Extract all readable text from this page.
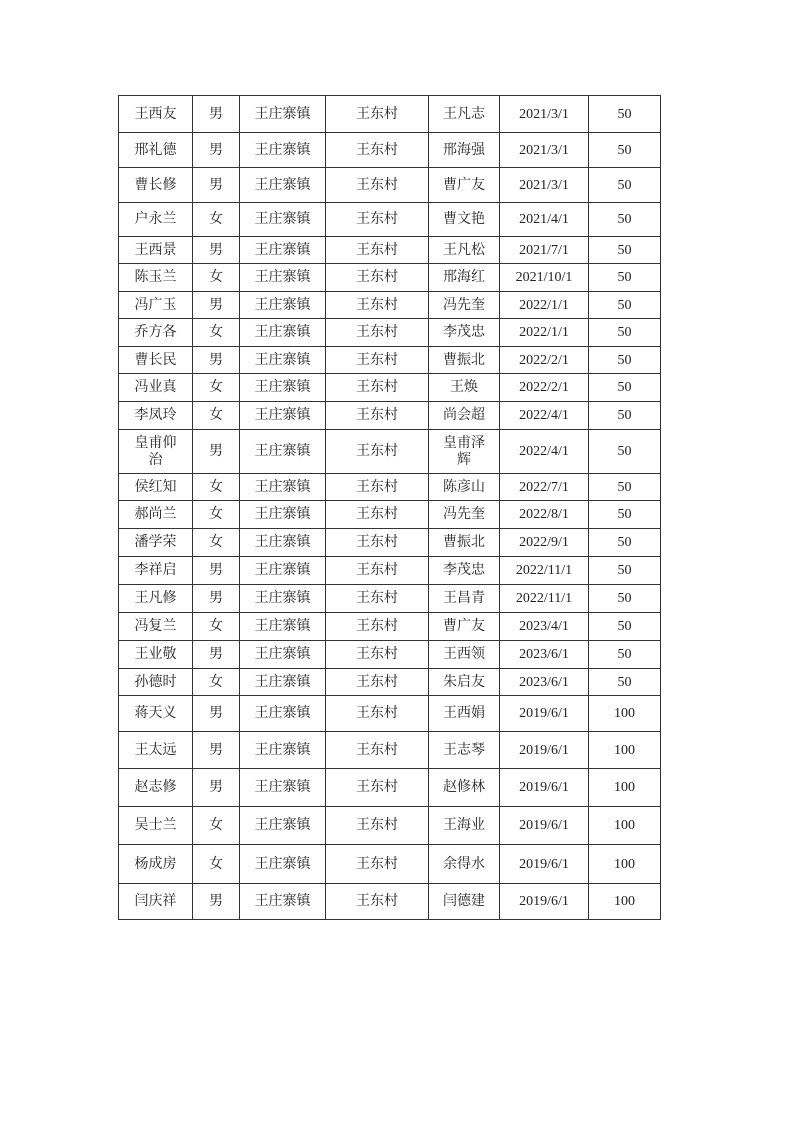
王西友	男	王庄寨镇	王东村	王凡志	2021/3/1	50
邢礼德	男	王庄寨镇	王东村	邢海强	2021/3/1	50
曹长修	男	王庄寨镇	王东村	曹广友	2021/3/1	50
户永兰	女	王庄寨镇	王东村	曹文艳	2021/4/1	50
王西景	男	王庄寨镇	王东村	王凡松	2021/7/1	50
陈玉兰	女	王庄寨镇	王东村	邢海红	2021/10/1	50
冯广玉	男	王庄寨镇	王东村	冯先奎	2022/1/1	50
乔方各	女	王庄寨镇	王东村	李茂忠	2022/1/1	50
曹长民	男	王庄寨镇	王东村	曹振北	2022/2/1	50
冯业真	女	王庄寨镇	王东村	王焕	2022/2/1	50
李凤玲	女	王庄寨镇	王东村	尚会超	2022/4/1	50
皇甫仰治	男	王庄寨镇	王东村	皇甫泽辉	2022/4/1	50
侯红知	女	王庄寨镇	王东村	陈彦山	2022/7/1	50
郝尚兰	女	王庄寨镇	王东村	冯先奎	2022/8/1	50
潘学荣	女	王庄寨镇	王东村	曹振北	2022/9/1	50
李祥启	男	王庄寨镇	王东村	李茂忠	2022/11/1	50
王凡修	男	王庄寨镇	王东村	王昌青	2022/11/1	50
冯复兰	女	王庄寨镇	王东村	曹广友	2023/4/1	50
王业敬	男	王庄寨镇	王东村	王西领	2023/6/1	50
孙德时	女	王庄寨镇	王东村	朱启友	2023/6/1	50
蒋天义	男	王庄寨镇	王东村	王西娟	2019/6/1	100
王太远	男	王庄寨镇	王东村	王志琴	2019/6/1	100
赵志修	男	王庄寨镇	王东村	赵修林	2019/6/1	100
吴士兰	女	王庄寨镇	王东村	王海业	2019/6/1	100
杨成房	女	王庄寨镇	王东村	余得水	2019/6/1	100
闫庆祥	男	王庄寨镇	王东村	闫德建	2019/6/1	100
